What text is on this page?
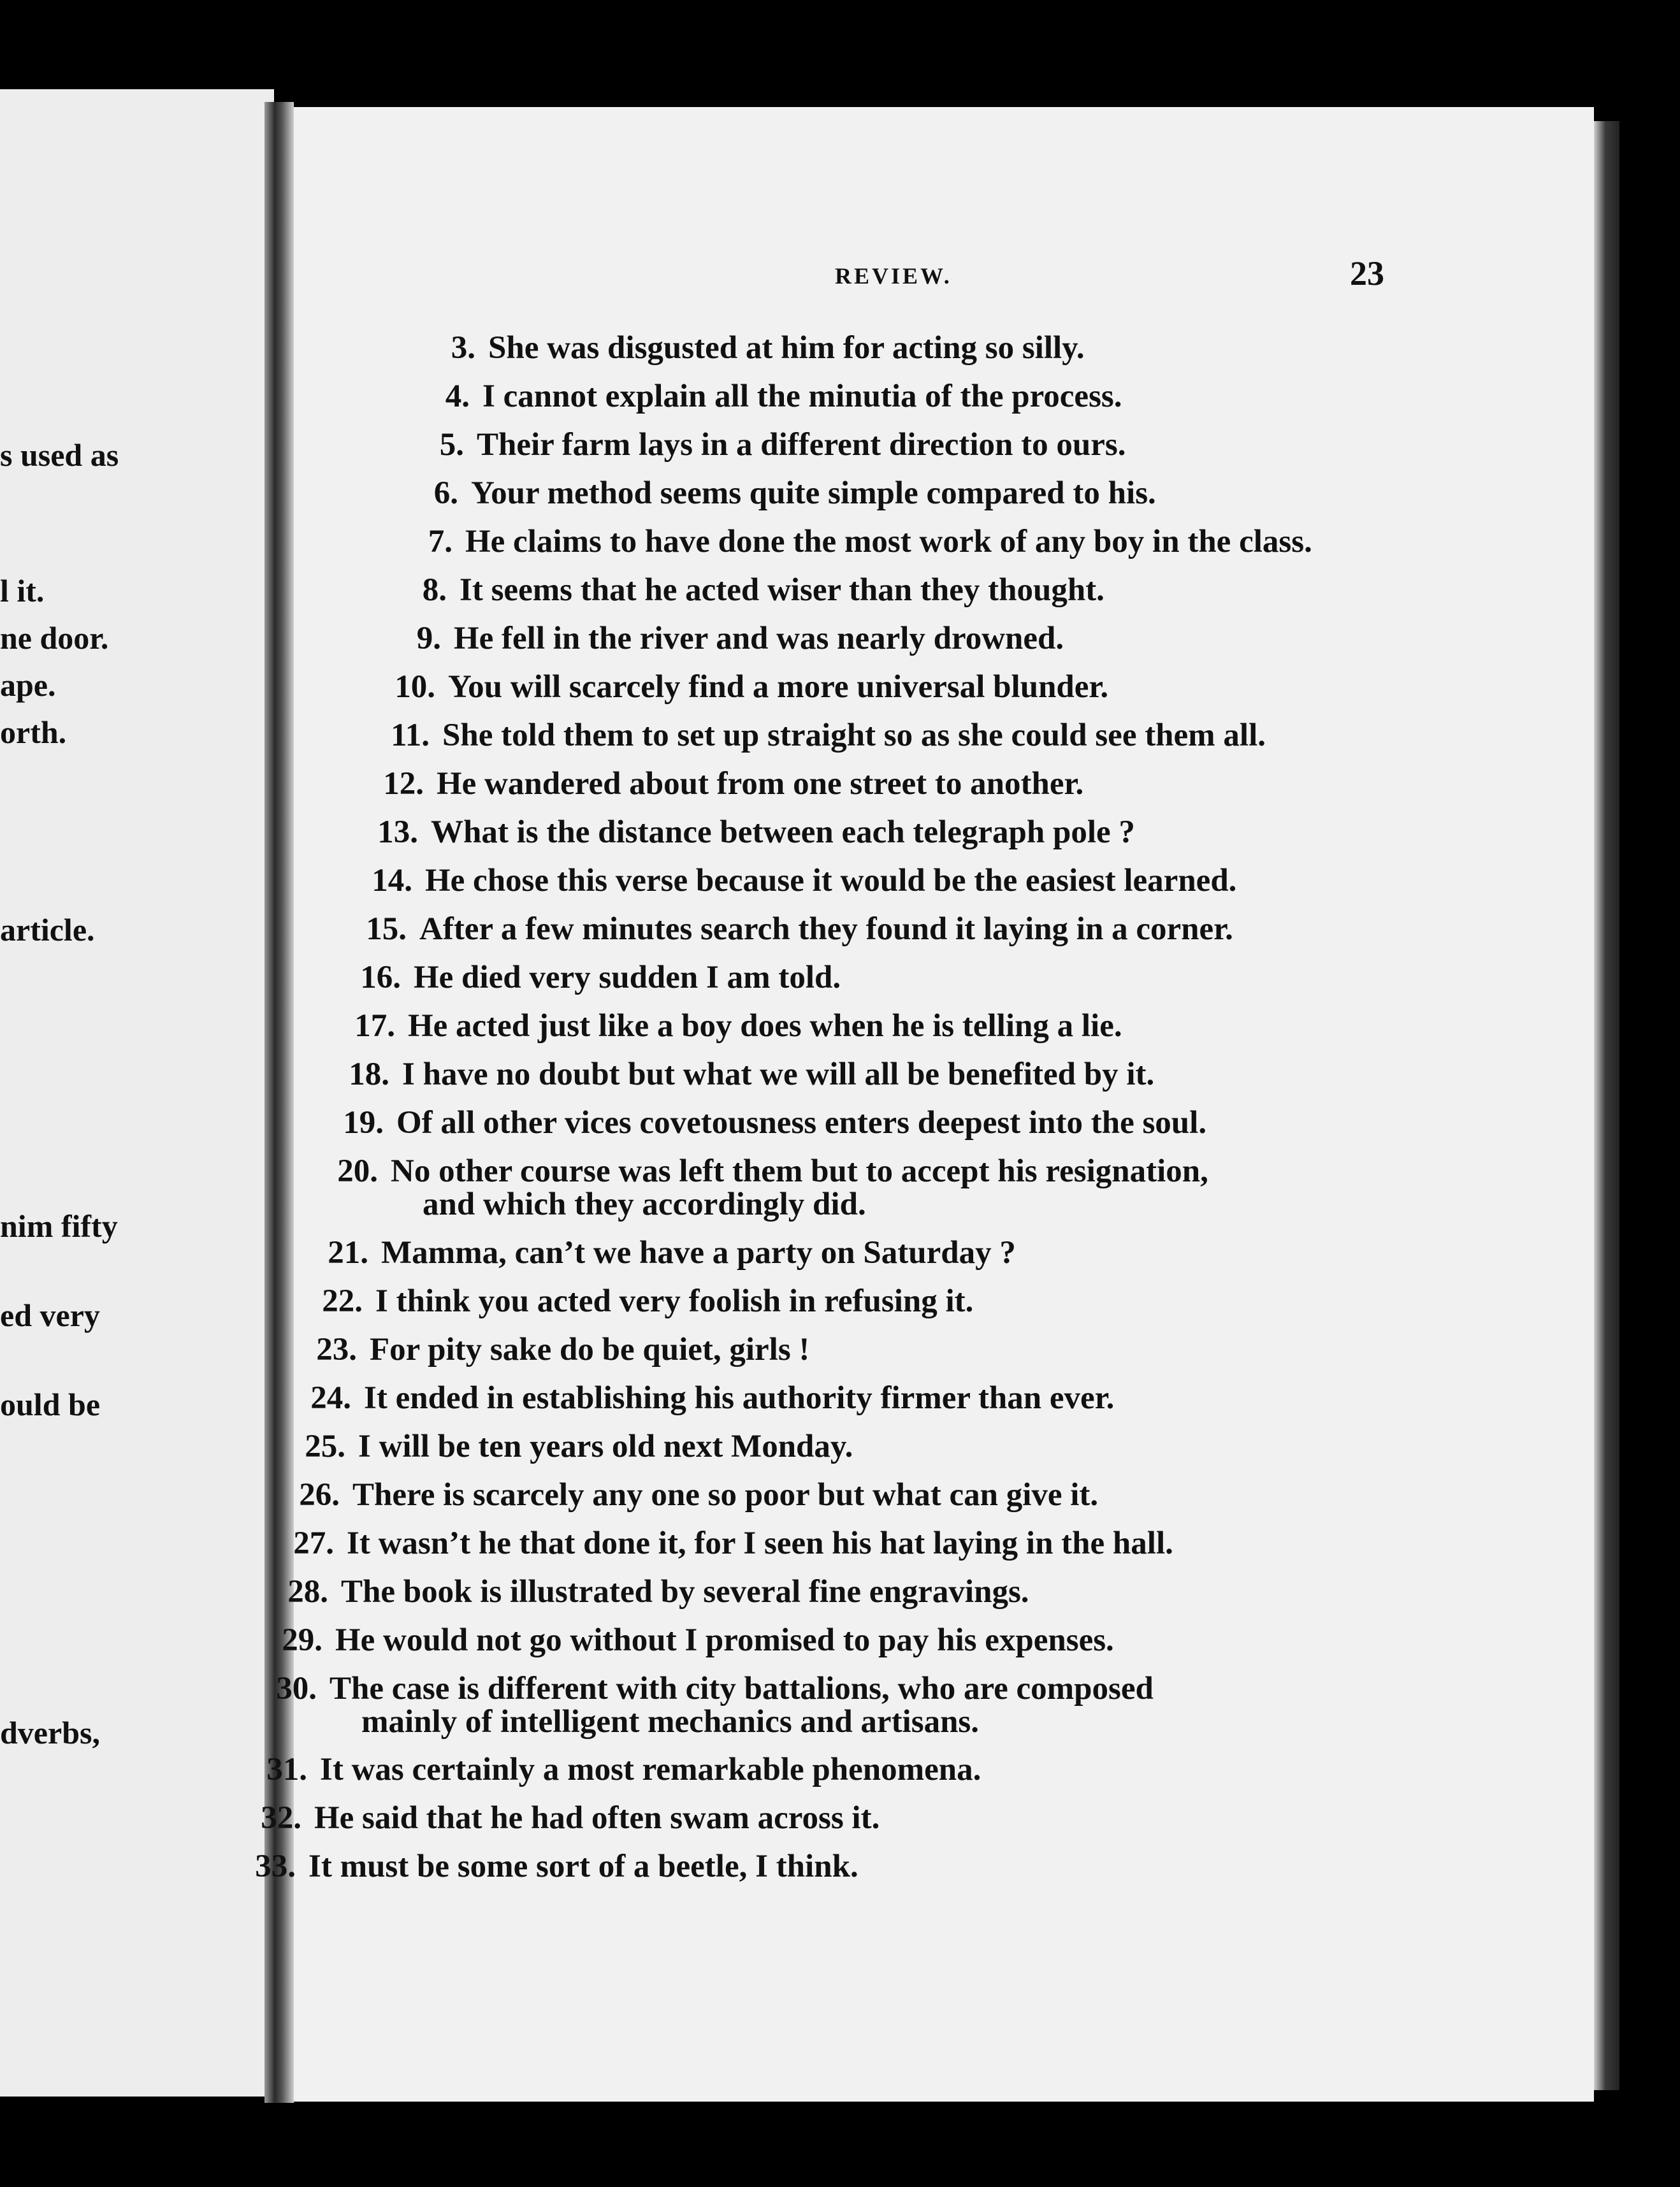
s used as
l it.
ne door.
ape.
orth.
article.
nim fifty
ed very
ould be
dverbs,
REVIEW.	23
3. She was disgusted at him for acting so silly.
4. I cannot explain all the minutia of the process.
5. Their farm lays in a different direction to ours.
6. Your method seems quite simple compared to his.
7. He claims to have done the most work of any boy in the class.
8. It seems that he acted wiser than they thought.
9. He fell in the river and was nearly drowned.
10. You will scarcely find a more universal blunder.
11. She told them to set up straight so as she could see them all.
12. He wandered about from one street to another.
13. What is the distance between each telegraph pole ?
14. He chose this verse because it would be the easiest learned.
15. After a few minutes search they found it laying in a corner.
16. He died very sudden I am told.
17. He acted just like a boy does when he is telling a lie.
18. I have no doubt but what we will all be benefited by it.
19. Of all other vices covetousness enters deepest into the soul.
20. No other course was left them but to accept his resignation,
and which they accordingly did.
21. Mamma, can’t we have a party on Saturday ?
22. I think you acted very foolish in refusing it.
23. For pity sake do be quiet, girls !
24. It ended in establishing his authority firmer than ever.
25. I will be ten years old next Monday.
26. There is scarcely any one so poor but what can give it.
27. It wasn’t he that done it, for I seen his hat laying in the hall.
28. The book is illustrated by several fine engravings.
29. He would not go without I promised to pay his expenses.
30. The case is different with city battalions, who are composed
mainly of intelligent mechanics and artisans.
31. It was certainly a most remarkable phenomena.
32. He said that he had often swam across it.
33. It must be some sort of a beetle, I think.
